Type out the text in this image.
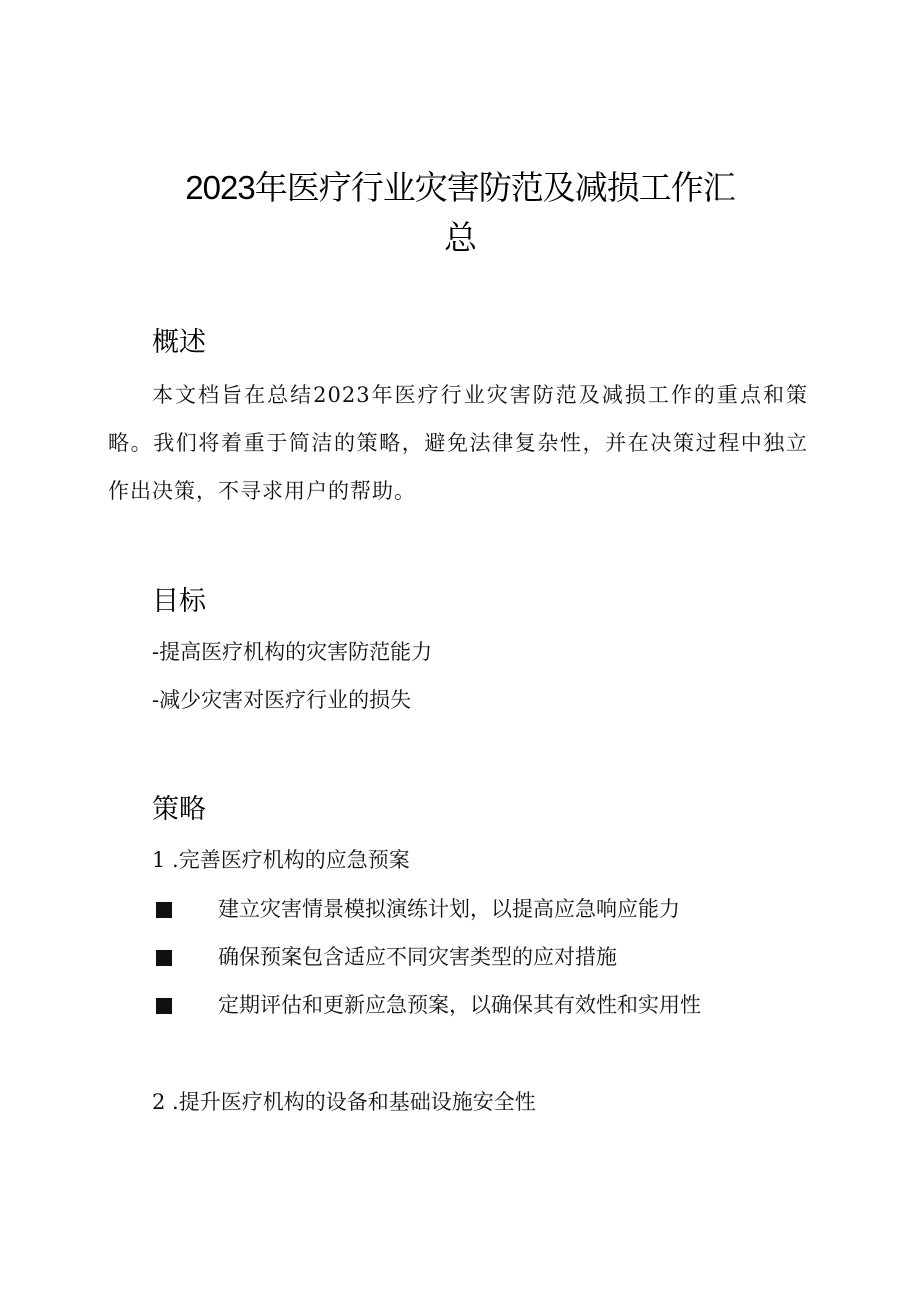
2023年医疗行业灾害防范及减损工作汇
总
概述
本文档旨在总结2023年医疗行业灾害防范及减损工作的重点和策略。我们将着重于简洁的策略，避免法律复杂性，并在决策过程中独立作出决策，不寻求用户的帮助。
目标
-提高医疗机构的灾害防范能力
-减少灾害对医疗行业的损失
策略
1 .完善医疗机构的应急预案
建立灾害情景模拟演练计划，以提高应急响应能力
确保预案包含适应不同灾害类型的应对措施
定期评估和更新应急预案，以确保其有效性和实用性
2 .提升医疗机构的设备和基础设施安全性
